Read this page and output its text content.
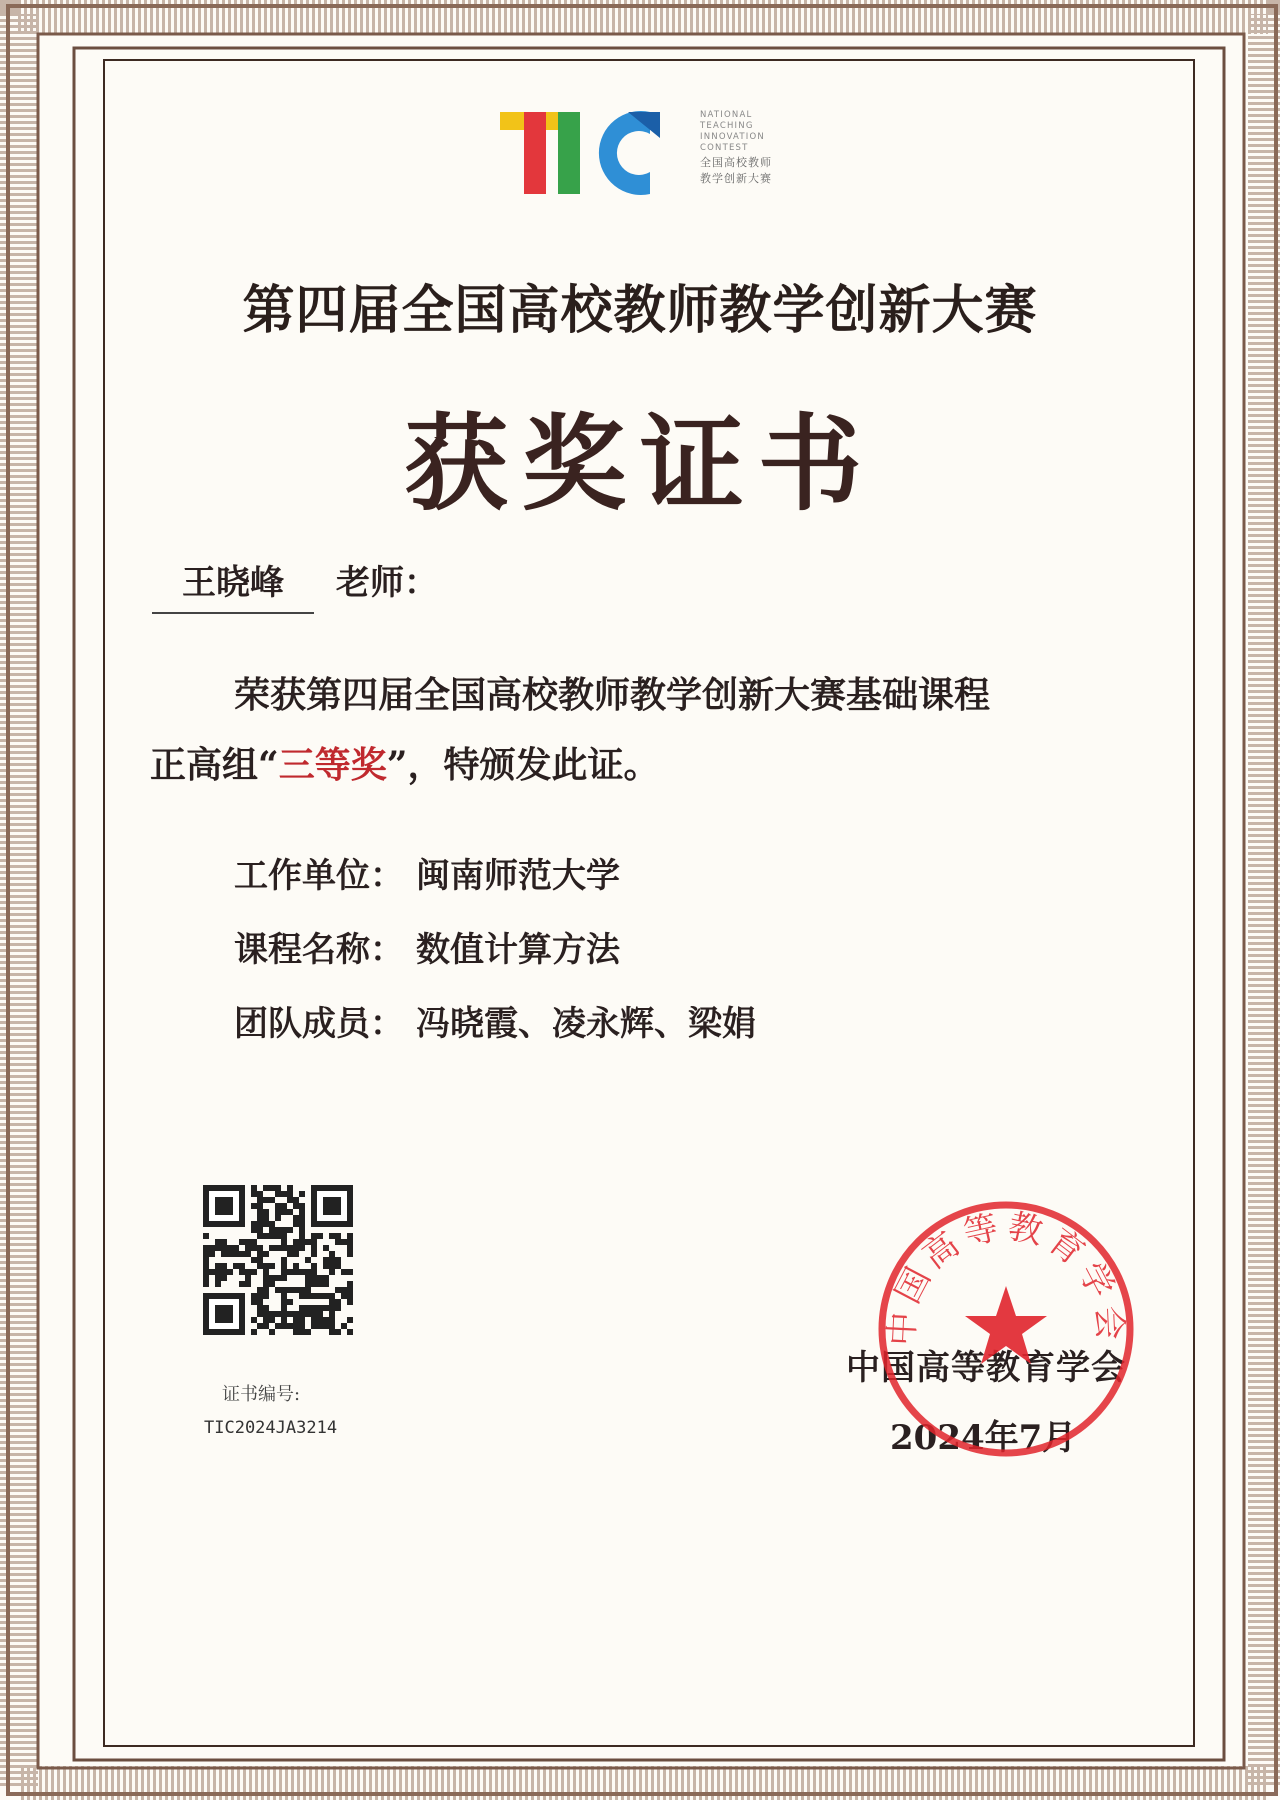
NATIONAL
TEACHING
INNOVATION
CONTEST
全国高校教师
教学创新大赛
第四届全国高校教师教学创新大赛
获奖证书
王晓峰	老师：

荣获第四届全国高校教师教学创新大赛基础课程

正高组“三等奖”，特颁发此证。

工作单位： 闽南师范大学
课程名称： 数值计算方法
团队成员： 冯晓霞、凌永辉、梁娟
证书编号:
TIC2024JA3214
中国高等教育学会
2024年7月
中国高等教育学会
